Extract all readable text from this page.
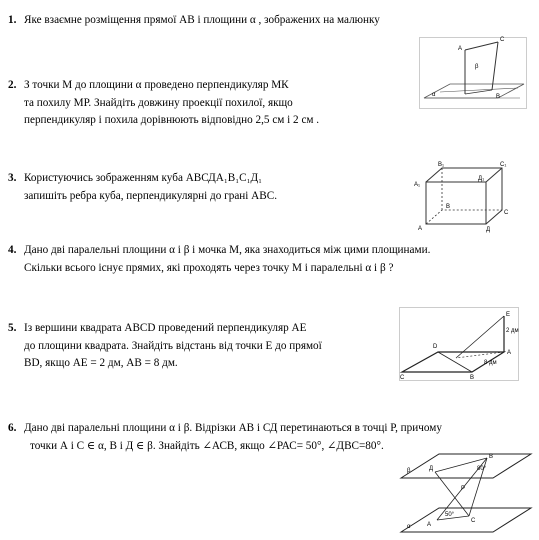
1. Яке взаємне розміщення прямої AB і площини α , зображених на малюнку
2. З точки М до площини α проведено перпендикуляр МК
та похилу МР. Знайдіть довжину проекції похилої, якщо
перпендикуляр і похила дорівнюють відповідно 2,5 см і 2 см .
3. Користуючись зображенням куба АВСДА₁В₁С₁Д₁
запишіть ребра куба, перпендикулярні до грані АВС.
4. Дано дві паралельні площини α і β і мочка М, яка знаходиться між цими площинами.
Скільки всього існує прямих, які проходять через точку М і паралельні α і β ?
5. Із вершини квадрата АВСD проведений перпендикуляр АЕ
до площини квадрата. Знайдіть відстань від точки Е до прямої
BD, якщо АЕ = 2 дм, АВ = 8 дм.
6. Дано дві паралельні площини α і β. Відрізки АВ і СД перетинаються в точці Р, причому
точки А і С ∈ α, В і Д ∈ β. Знайдіть ∠АСВ, якщо ∠РАС= 50°, ∠ДВС=80°.
A
β
α	B
C
B₁	C₁
A₁
Д₁
B
C
A	Д
E
2 дм
D
A
C	B
8 дм
β	Д
В
80°
Р
α	А
50°
С
